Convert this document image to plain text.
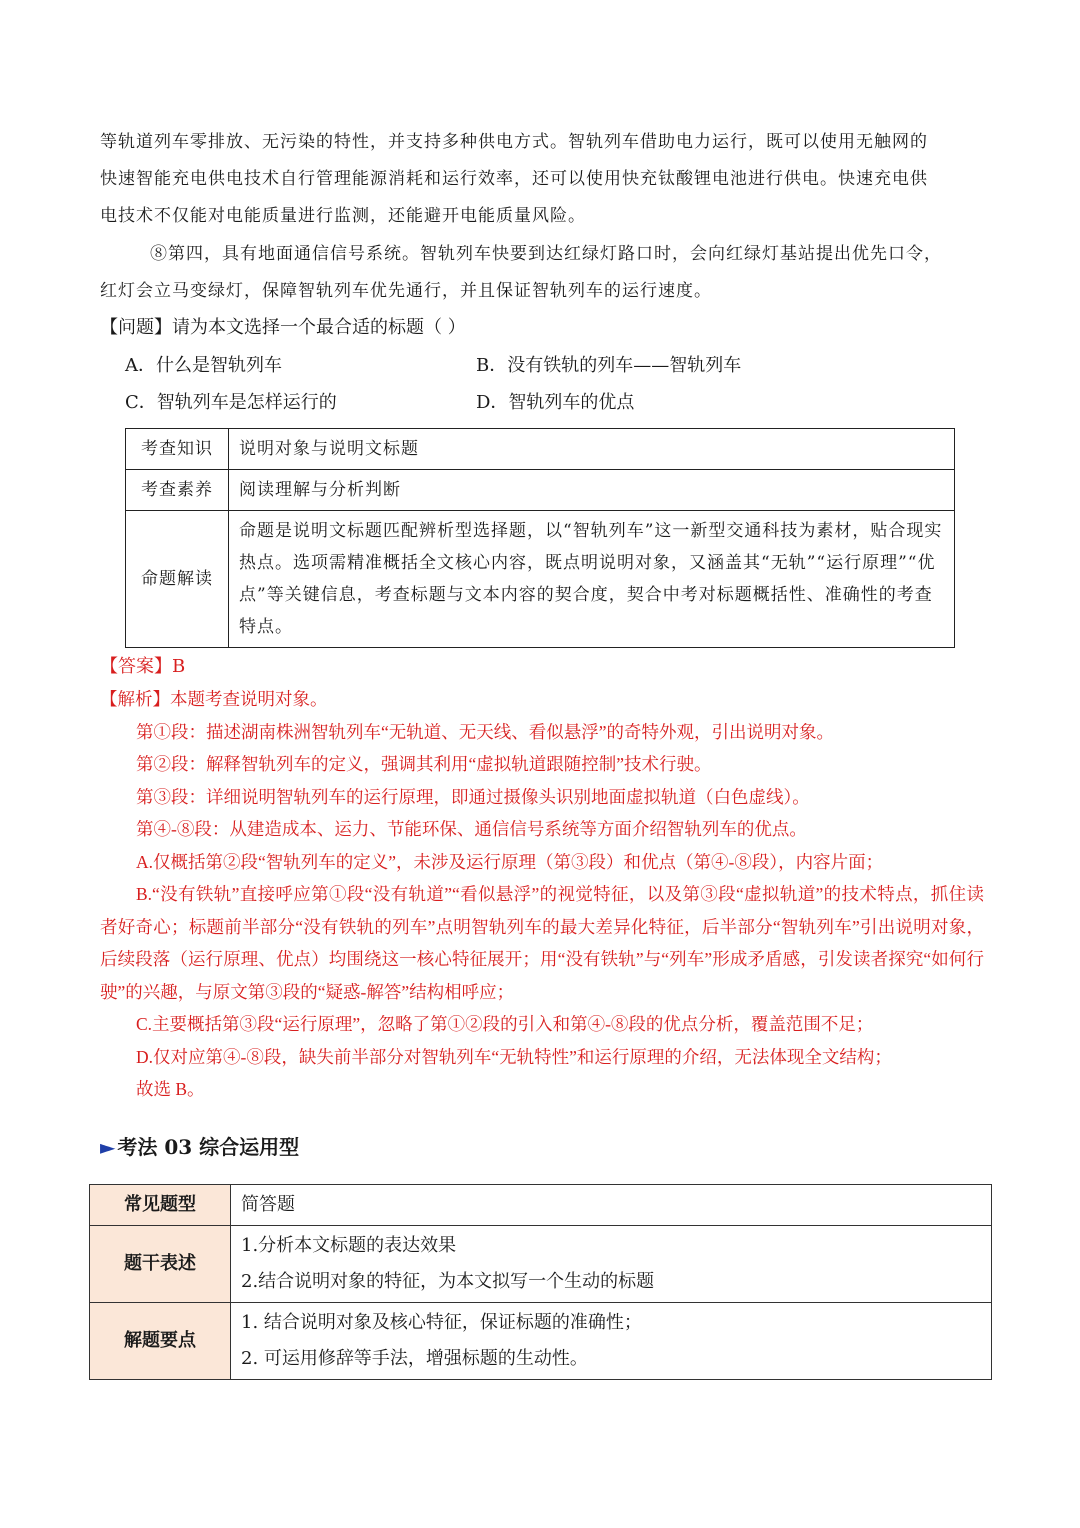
等轨道列车零排放、无污染的特性，并支持多种供电方式。智轨列车借助电力运行，既可以使用无触网的
快速智能充电供电技术自行管理能源消耗和运行效率，还可以使用快充钛酸锂电池进行供电。快速充电供
电技术不仅能对电能质量进行监测，还能避开电能质量风险。

⑧第四，具有地面通信信号系统。智轨列车快要到达红绿灯路口时，会向红绿灯基站提出优先口令，
红灯会立马变绿灯，保障智轨列车优先通行，并且保证智轨列车的运行速度。

【问题】请为本文选择一个最合适的标题（ ）

A．什么是智轨列车	B．没有铁轨的列车——智轨列车
C．智轨列车是怎样运行的	D．智轨列车的优点
考查知识	说明对象与说明文标题
考查素养	阅读理解与分析判断
命题解读	命题是说明文标题匹配辨析型选择题，以“智轨列车”这一新型交通科技为素材，贴合现实热点。选项需精准概括全文核心内容，既点明说明对象，又涵盖其“无轨”“运行原理”“优点”等关键信息，考查标题与文本内容的契合度，契合中考对标题概括性、准确性的考查特点。

【答案】B

【解析】本题考查说明对象。

第①段：描述湖南株洲智轨列车“无轨道、无天线、看似悬浮”的奇特外观，引出说明对象。

第②段：解释智轨列车的定义，强调其利用“虚拟轨道跟随控制”技术行驶。

第③段：详细说明智轨列车的运行原理，即通过摄像头识别地面虚拟轨道（白色虚线）。

第④-⑧段：从建造成本、运力、节能环保、通信信号系统等方面介绍智轨列车的优点。

A.仅概括第②段“智轨列车的定义”，未涉及运行原理（第③段）和优点（第④-⑧段），内容片面；

B.“没有铁轨”直接呼应第①段“没有轨道”“看似悬浮”的视觉特征，以及第③段“虚拟轨道”的技术特点，抓住读者好奇心；标题前半部分“没有铁轨的列车”点明智轨列车的最大差异化特征，后半部分“智轨列车”引出说明对象，后续段落（运行原理、优点）均围绕这一核心特征展开；用“没有铁轨”与“列车”形成矛盾感，引发读者探究“如何行驶”的兴趣，与原文第③段的“疑惑-解答”结构相呼应；

C.主要概括第③段“运行原理”，忽略了第①②段的引入和第④-⑧段的优点分析，覆盖范围不足；

D.仅对应第④-⑧段，缺失前半部分对智轨列车“无轨特性”和运行原理的介绍，无法体现全文结构；

故选 B。

► 考法 03 综合运用型
常见题型	简答题
题干表述	1.分析本文标题的表达效果
2.结合说明对象的特征，为本文拟写一个生动的标题

解题要点	1. 结合说明对象及核心特征，保证标题的准确性；
2. 可运用修辞等手法，增强标题的生动性。
